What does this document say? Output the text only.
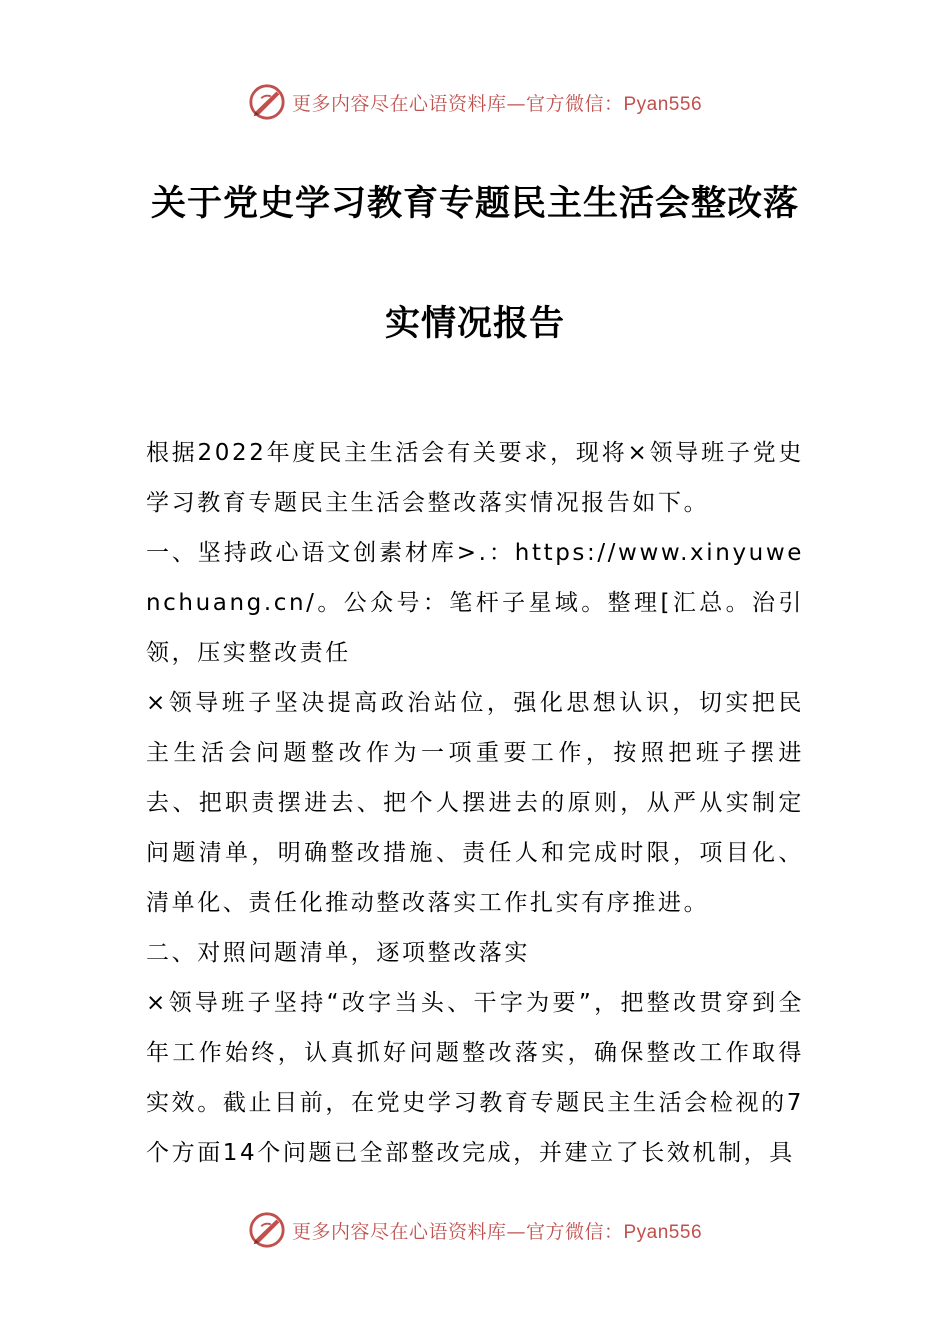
更多内容尽在心语资料库—官方微信：Pyan556
关于党史学习教育专题民主生活会整改落
实情况报告

根据2022年度民主生活会有关要求，现将×领导班子党史学习教育专题民主生活会整改落实情况报告如下。

一、坚持政心语文创素材库>.：https://www.xinyuwenchuang.cn/。公众号：笔杆子星域。整理[汇总。治引领，压实整改责任

×领导班子坚决提高政治站位，强化思想认识，切实把民主生活会问题整改作为一项重要工作，按照把班子摆进去、把职责摆进去、把个人摆进去的原则，从严从实制定问题清单，明确整改措施、责任人和完成时限，项目化、清单化、责任化推动整改落实工作扎实有序推进。

二、对照问题清单，逐项整改落实

×领导班子坚持“改字当头、干字为要”，把整改贯穿到全年工作始终，认真抓好问题整改落实，确保整改工作取得实效。截止目前，在党史学习教育专题民主生活会检视的7个方面14个问题已全部整改完成，并建立了长效机制，具

更多内容尽在心语资料库—官方微信：Pyan556
